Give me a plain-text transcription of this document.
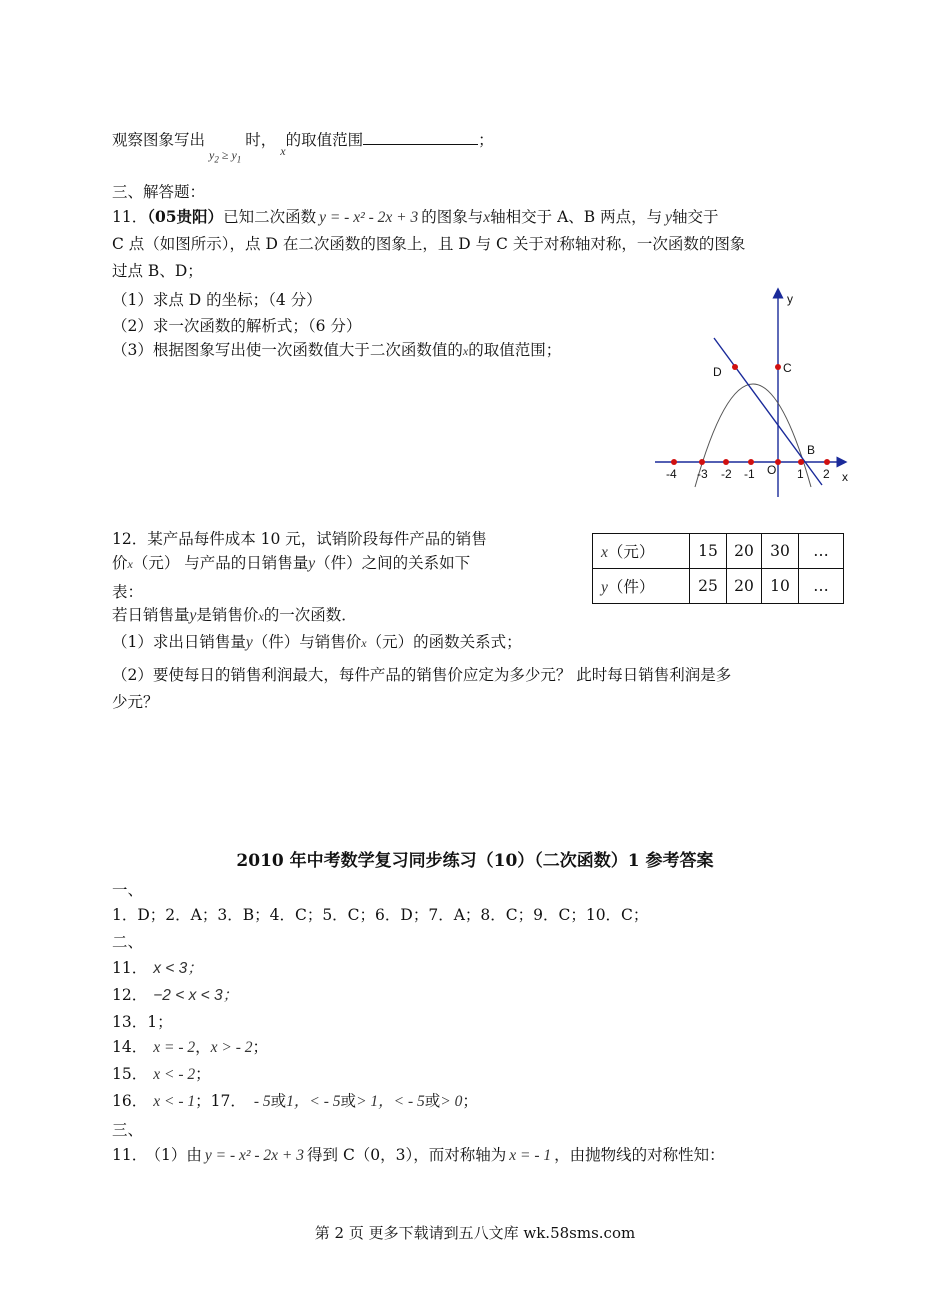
观察图象写出$_{y_2 \ge y_1}$时，$_x$的取值范围	；
三、解答题：
11．（05贵阳）已知二次函数 y = - x² - 2x + 3 的图象与x轴相交于 A、B 两点，与 y轴交于
C 点（如图所示），点 D 在二次函数的图象上，且 D 与 C 关于对称轴对称，一次函数的图象
过点 B、D；
（1）求点 D 的坐标；（4 分）
（2）求一次函数的解析式；（6 分）
（3）根据图象写出使一次函数值大于二次函数值的x的取值范围；
y
x
C
D
B
O
-4 -3 -2 -1	1 2
12．某产品每件成本 10 元，试销阶段每件产品的销售
价x（元） 与产品的日销售量y（件）之间的关系如下
表：
若日销售量y是销售价x的一次函数．
（1）求出日销售量y（件）与销售价x（元）的函数关系式；
（2）要使每日的销售利润最大，每件产品的销售价应定为多少元？ 此时每日销售利润是多
少元？
x（元）	15	20	30	…
y（件）	25	20	10	…
2010 年中考数学复习同步练习（10）（二次函数）1 参考答案
一、
1．D；2．A；3．B；4．C；5．C；6．D；7．A；8．C；9．C；10．C；
二、
11． x < 3；
12． −2 < x < 3；
13．1；
14． x = - 2，x > - 2；
15． x < - 2；
16． x < - 1；17． - 5或1，< - 5或> 1，< - 5或> 0；
三、
11． （1）由 y = - x² - 2x + 3 得到 C（0，3），而对称轴为 x = - 1 ，由抛物线的对称性知：
第 2 页 更多下载请到五八文库 wk.58sms.com
